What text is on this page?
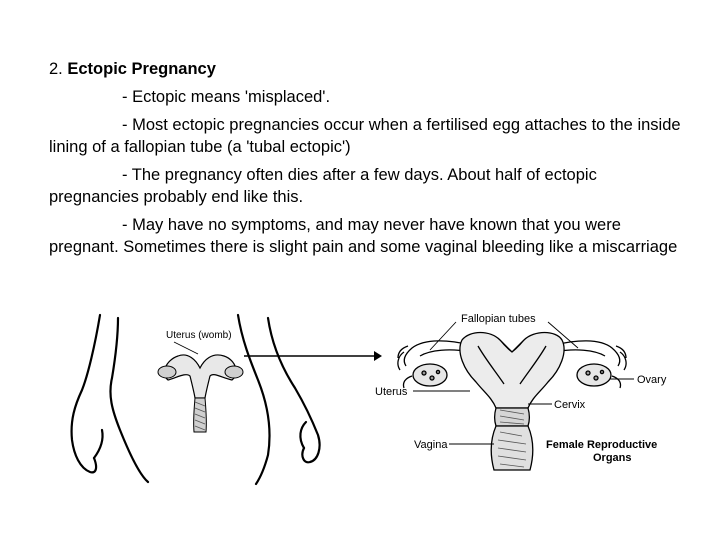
2. Ectopic Pregnancy

- Ectopic means 'misplaced'.

- Most ectopic pregnancies occur when a fertilised egg attaches to the inside lining of a fallopian tube (a 'tubal ectopic')

- The pregnancy often dies after a few days. About half of ectopic pregnancies probably end like this.

- May have no symptoms, and may never have known that you were pregnant. Sometimes there is slight pain and some vaginal bleeding like a miscarriage

Uterus (womb)
Fallopian tubes
Uterus
Ovary
Cervix
Vagina	Female Reproductive
Organs
